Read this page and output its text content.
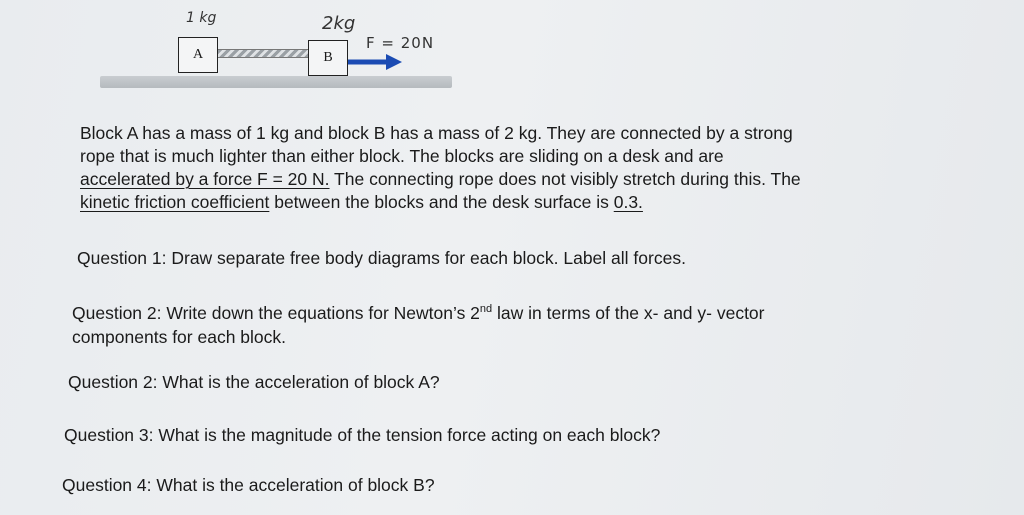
1 kg	2kg
F = 20N
A	B
Block A has a mass of 1 kg and block B has a mass of 2 kg. They are connected by a strong
rope that is much lighter than either block. The blocks are sliding on a desk and are
accelerated by a force F = 20 N. The connecting rope does not visibly stretch during this. The
kinetic friction coefficient between the blocks and the desk surface is 0.3.
Question 1: Draw separate free body diagrams for each block. Label all forces.
Question 2: Write down the equations for Newton’s 2nd law in terms of the x- and y- vector
components for each block.
Question 2: What is the acceleration of block A?
Question 3: What is the magnitude of the tension force acting on each block?
Question 4: What is the acceleration of block B?
